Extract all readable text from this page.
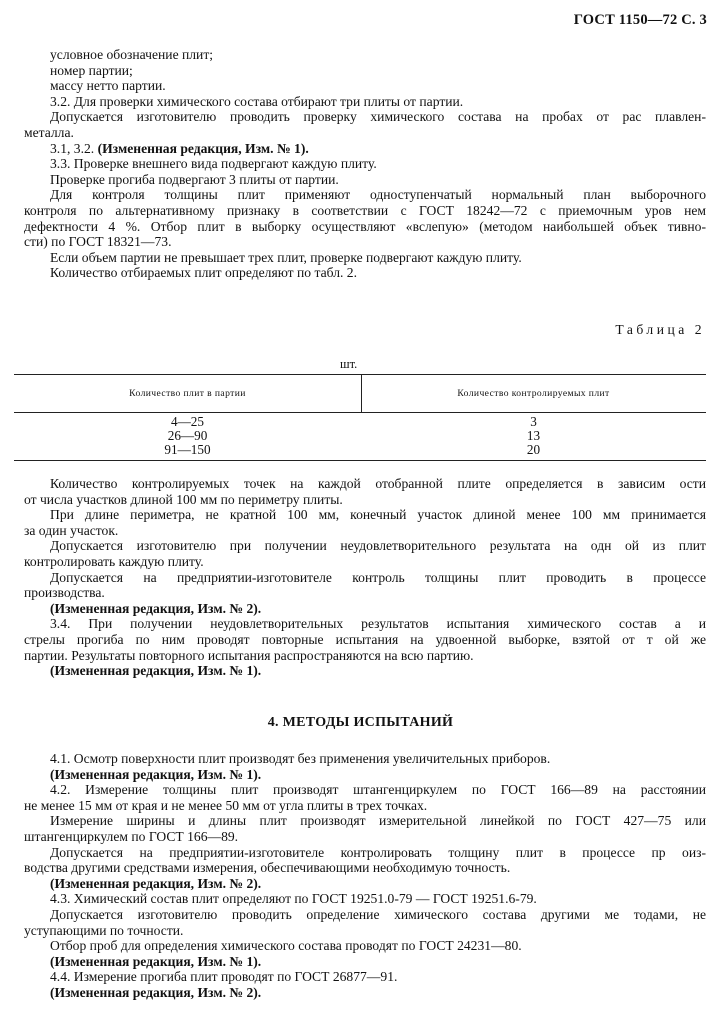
ГОСТ 1150—72 С. 3
условное обозначение плит;
номер партии;
массу нетто партии.
3.2. Для проверки химического состава отбирают три плиты от партии.
Допускается изготовителю проводить проверку химического состава на пробах от рас плавлен-
металла.
3.1, 3.2. (Измененная редакция, Изм. № 1).
3.3. Проверке внешнего вида подвергают каждую плиту.
Проверке прогиба подвергают 3 плиты от партии.
Для контроля толщины плит применяют одноступенчатый нормальный план выборочного
контроля по альтернативному признаку в соответствии с ГОСТ 18242—72 с приемочным уров нем
дефектности 4 %. Отбор плит в выборку осуществляют «вслепую» (методом наибольшей объек тивно-
сти) по ГОСТ 18321—73.
Если объем партии не превышает трех плит, проверке подвергают каждую плиту.
Количество отбираемых плит определяют по табл. 2.
Таблица 2
шт.
Количество плит в партии	Количество контролируемых плит
4—25	3
26—90	13
91—150	20
Количество контролируемых точек на каждой отобранной плите определяется в зависим ости
от числа участков длиной 100 мм по периметру плиты.
При длине периметра, не кратной 100 мм, конечный участок длиной менее 100 мм принимается
за один участок.
Допускается изготовителю при получении неудовлетворительного результата на одн ой из плит
контролировать каждую плиту.
Допускается на предприятии-изготовителе контроль толщины плит проводить в процессе
производства.
(Измененная редакция, Изм. № 2).
3.4. При получении неудовлетворительных результатов испытания химического состав а и
стрелы прогиба по ним проводят повторные испытания на удвоенной выборке, взятой от т ой же
партии. Результаты повторного испытания распространяются на всю партию.
(Измененная редакция, Изм. № 1).
4. МЕТОДЫ ИСПЫТАНИЙ
4.1. Осмотр поверхности плит производят без применения увеличительных приборов.
(Измененная редакция, Изм. № 1).
4.2. Измерение толщины плит производят штангенциркулем по ГОСТ 166—89 на расстоянии
не менее 15 мм от края и не менее 50 мм от угла плиты в трех точках.
Измерение ширины и длины плит производят измерительной линейкой по ГОСТ 427—75 или
штангенциркулем по ГОСТ 166—89.
Допускается на предприятии-изготовителе контролировать толщину плит в процессе пр оиз-
водства другими средствами измерения, обеспечивающими необходимую точность.
(Измененная редакция, Изм. № 2).
4.3. Химический состав плит определяют по ГОСТ 19251.0-79 — ГОСТ 19251.6-79.
Допускается изготовителю проводить определение химического состава другими ме тодами, не
уступающими по точности.
Отбор проб для определения химического состава проводят по ГОСТ 24231—80.
(Измененная редакция, Изм. № 1).
4.4. Измерение прогиба плит проводят по ГОСТ 26877—91.
(Измененная редакция, Изм. № 2).
